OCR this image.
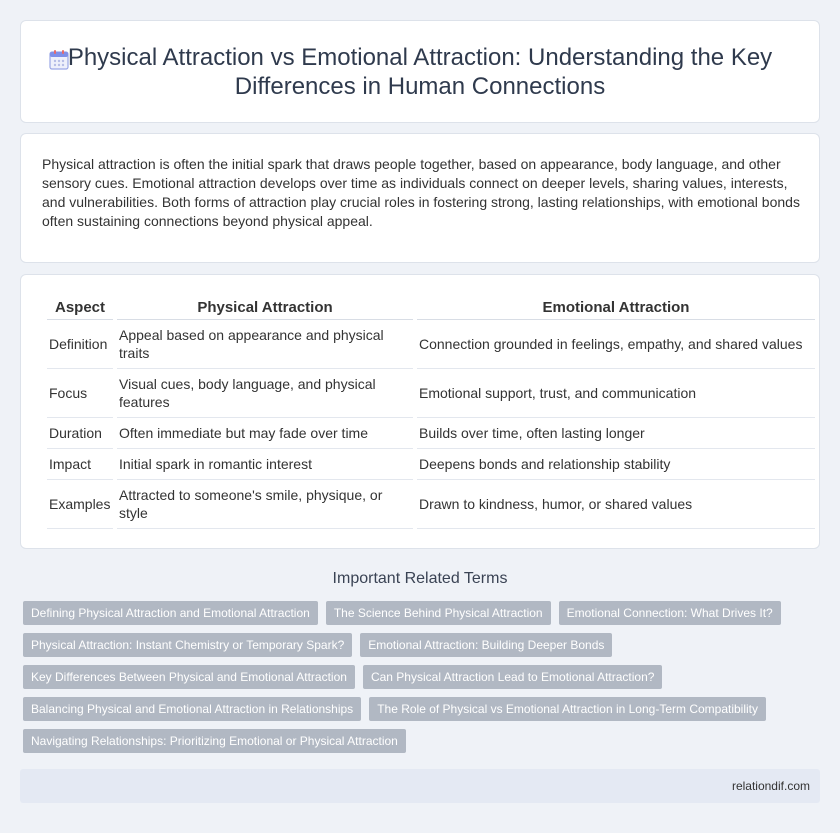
Physical Attraction vs Emotional Attraction: Understanding the Key Differences in Human Connections

Physical attraction is often the initial spark that draws people together, based on appearance, body language, and other sensory cues. Emotional attraction develops over time as individuals connect on deeper levels, sharing values, interests, and vulnerabilities. Both forms of attraction play crucial roles in fostering strong, lasting relationships, with emotional bonds often sustaining connections beyond physical appeal.

Aspect	Physical Attraction	Emotional Attraction
Definition	Appeal based on appearance and physical traits	Connection grounded in feelings, empathy, and shared values
Focus	Visual cues, body language, and physical features	Emotional support, trust, and communication
Duration	Often immediate but may fade over time	Builds over time, often lasting longer
Impact	Initial spark in romantic interest	Deepens bonds and relationship stability
Examples	Attracted to someone's smile, physique, or style	Drawn to kindness, humor, or shared values
Important Related Terms
Defining Physical Attraction and Emotional Attraction	The Science Behind Physical Attraction	Emotional Connection: What Drives It?
Physical Attraction: Instant Chemistry or Temporary Spark?	Emotional Attraction: Building Deeper Bonds
Key Differences Between Physical and Emotional Attraction	Can Physical Attraction Lead to Emotional Attraction?
Balancing Physical and Emotional Attraction in Relationships	The Role of Physical vs Emotional Attraction in Long-Term Compatibility
Navigating Relationships: Prioritizing Emotional or Physical Attraction
relationdif.com
